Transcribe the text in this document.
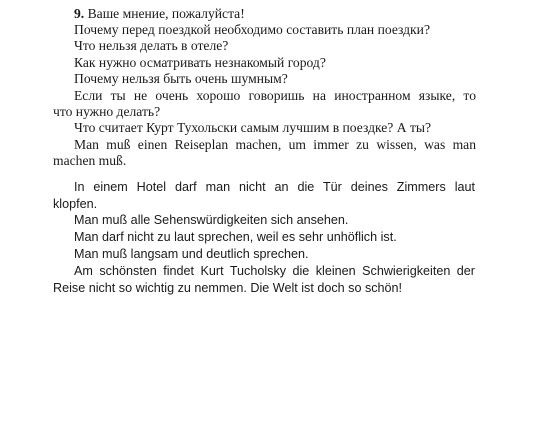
9. Ваше мнение, пожалуйста!
Почему перед поездкой необходимо составить план поездки?
Что нельзя делать в отеле?
Как нужно осматривать незнакомый город?
Почему нельзя быть очень шумным?
Если ты не очень хорошо говоришь на иностранном языке, то
что нужно делать?
Что считает Курт Тухольски самым лучшим в поездке? А ты?
Man muß einen Reiseplan machen, um immer zu wissen, was man
machen muß.
In einem Hotel darf man nicht an die Tür deines Zimmers laut
klopfen.
Man muß alle Sehenswürdigkeiten sich ansehen.
Man darf nicht zu laut sprechen, weil es sehr unhöflich ist.
Man muß langsam und deutlich sprechen.
Am schönsten findet Kurt Tucholsky die kleinen Schwierigkeiten der
Reise nicht so wichtig zu nemmen. Die Welt ist doch so schön!
